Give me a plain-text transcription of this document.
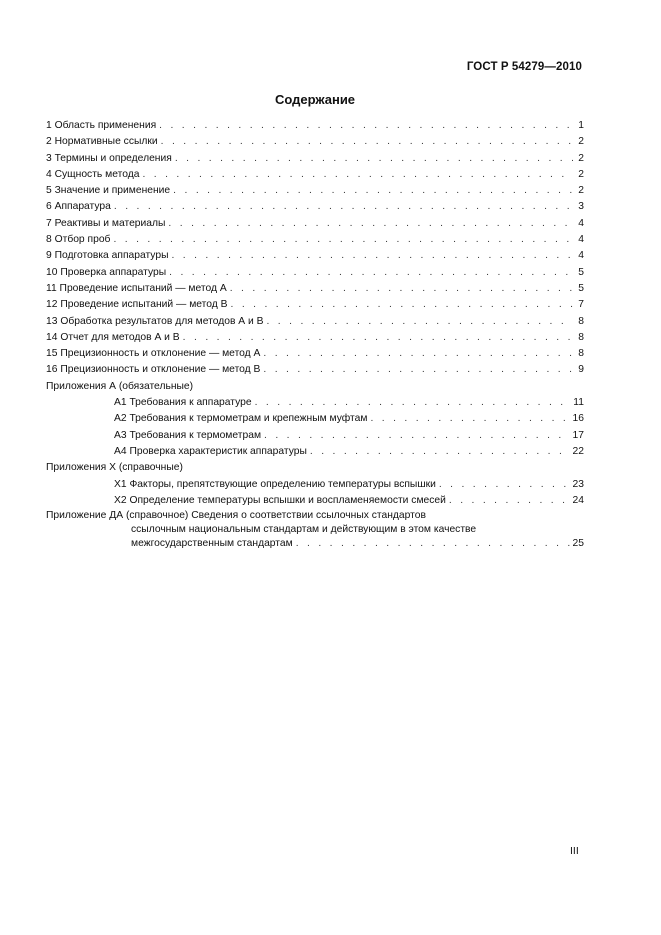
ГОСТ Р 54279—2010
Содержание
1 Область применения . . .	1
2 Нормативные ссылки . . .	2
3 Термины и определения . . .	2
4 Сущность метода . . .	2
5 Значение и применение . . .	2
6 Аппаратура . . .	3
7 Реактивы и материалы . . .	4
8 Отбор проб . . .	4
9 Подготовка аппаратуры . . .	4
10 Проверка аппаратуры . . .	5
11 Проведение испытаний — метод А . . .	5
12 Проведение испытаний — метод В . . .	7
13 Обработка результатов для методов А и В . . .	8
14 Отчет для методов А и В . . .	8
15 Прецизионность и отклонение — метод А . . .	8
16 Прецизионность и отклонение — метод В . . .	9
Приложения А (обязательные)
А1 Требования к аппаратуре . . .	11
А2 Требования к термометрам и крепежным муфтам . . .	16
А3 Требования к термометрам . . .	17
А4 Проверка характеристик аппаратуры . . .	22
Приложения Х (справочные)
Х1 Факторы, препятствующие определению температуры вспышки . . .	23
Х2 Определение температуры вспышки и воспламеняемости смесей . . .	24
Приложение ДА (справочное) Сведения о соответствии ссылочных стандартов
ссылочным национальным стандартам и действующим в этом качестве
межгосударственным стандартам . . .	25
III
